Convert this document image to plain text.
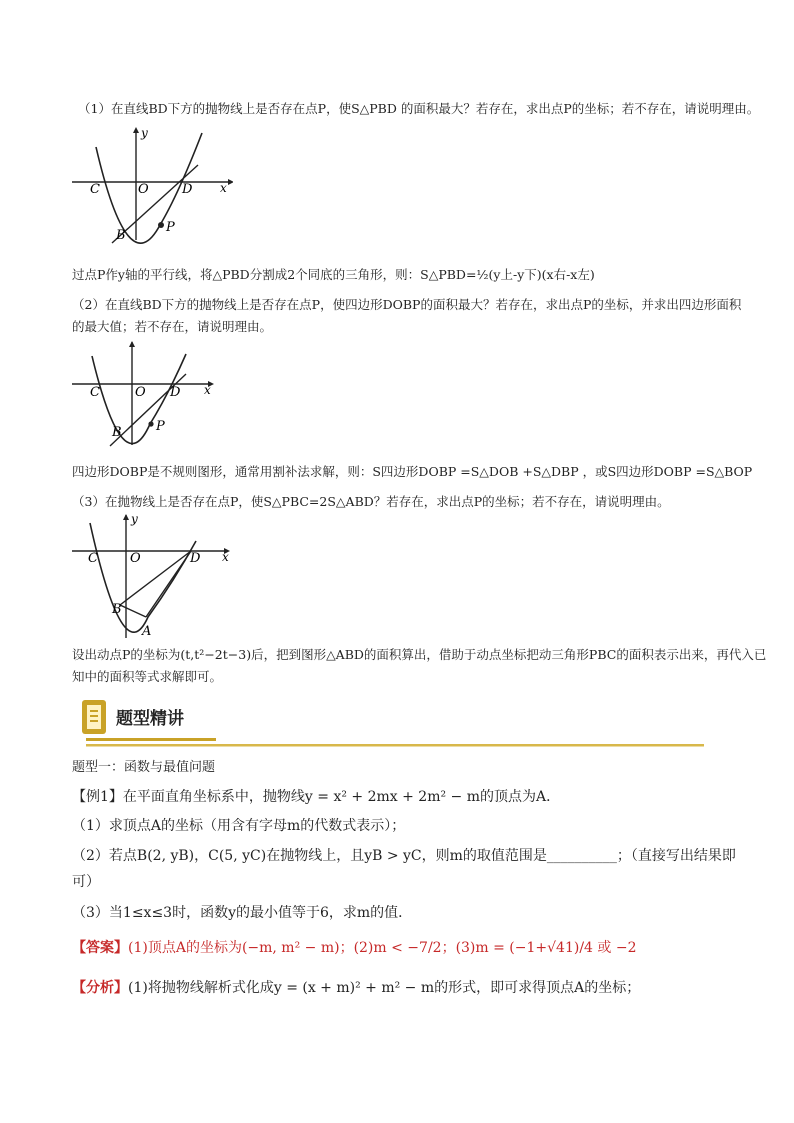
（1）在直线BD下方的抛物线上是否存在点P，使S△PBD 的面积最大？若存在，求出点P的坐标；若不存在，请说明理由。
C	O	D x
y
B
P
过点P作y轴的平行线，将△PBD分割成2个同底的三角形，则：S△PBD=½(y上-y下)(x右-x左)
（2）在直线BD下方的抛物线上是否存在点P，使四边形DOBP的面积最大？若存在，求出点P的坐标，并求出四边形面积
的最大值；若不存在，请说明理由。
C	O D x
B	P
四边形DOBP是不规则图形，通常用割补法求解，则：S四边形DOBP =S△DOB +S△DBP ，或S四边形DOBP =S△BOP
（3）在抛物线上是否存在点P，使S△PBC=2S△ABD？若存在，求出点P的坐标；若不存在，请说明理由。
C O	D x
y
B
A
设出动点P的坐标为(t,t²−2t−3)后，把到图形△ABD的面积算出，借助于动点坐标把动三角形PBC的面积表示出来，再代入已
知中的面积等式求解即可。
题型精讲
题型一：函数与最值问题
【例1】在平面直角坐标系中，抛物线y = x² + 2mx + 2m² − m的顶点为A．
（1）求顶点A的坐标（用含有字母m的代数式表示）；
（2）若点B(2, yB)，C(5, yC)在抛物线上，且yB > yC，则m的取值范围是__________；（直接写出结果即
可）
（3）当1≤x≤3时，函数y的最小值等于6，求m的值．
【答案】(1)顶点A的坐标为(−m, m² − m)；(2)m < −7/2；(3)m = (−1+√41)/4 或 −2
【分析】(1)将抛物线解析式化成y = (x + m)² + m² − m的形式，即可求得顶点A的坐标；
